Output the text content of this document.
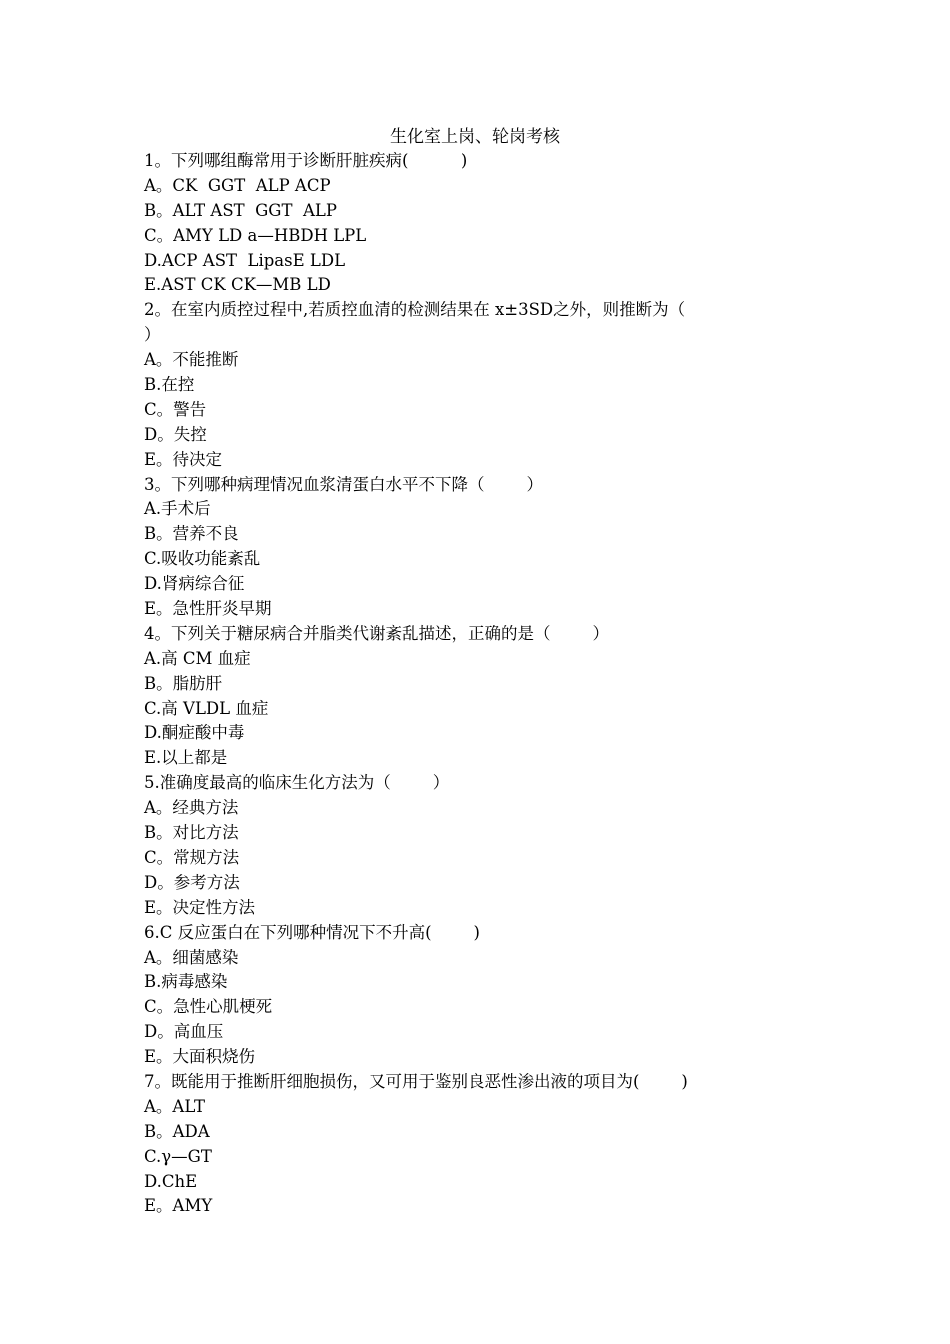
生化室上岗、轮岗考核
1。下列哪组酶常用于诊断肝脏疾病(          )
A。CK  GGT  ALP ACP
B。ALT AST  GGT  ALP
C。AMY LD a—HBDH LPL
D.ACP AST  LipasE LDL
E.AST CK CK—MB LD
2。在室内质控过程中,若质控血清的检测结果在 x±3SD之外，则推断为（
）
A。不能推断
B.在控
C。警告
D。失控
E。待决定
3。下列哪种病理情况血浆清蛋白水平不下降（        ）
A.手术后
B。营养不良
C.吸收功能紊乱
D.肾病综合征
E。急性肝炎早期
4。下列关于糖尿病合并脂类代谢紊乱描述，正确的是（        ）
A.高 CM 血症
B。脂肪肝
C.高 VLDL 血症
D.酮症酸中毒
E.以上都是
5.准确度最高的临床生化方法为（        ）
A。经典方法
B。对比方法
C。常规方法
D。参考方法
E。决定性方法
6.C 反应蛋白在下列哪种情况下不升高(        )
A。细菌感染
B.病毒感染
C。急性心肌梗死
D。高血压
E。大面积烧伤
7。既能用于推断肝细胞损伤，又可用于鉴别良恶性渗出液的项目为(        )
A。ALT
B。ADA
C.γ—GT
D.ChE
E。AMY
